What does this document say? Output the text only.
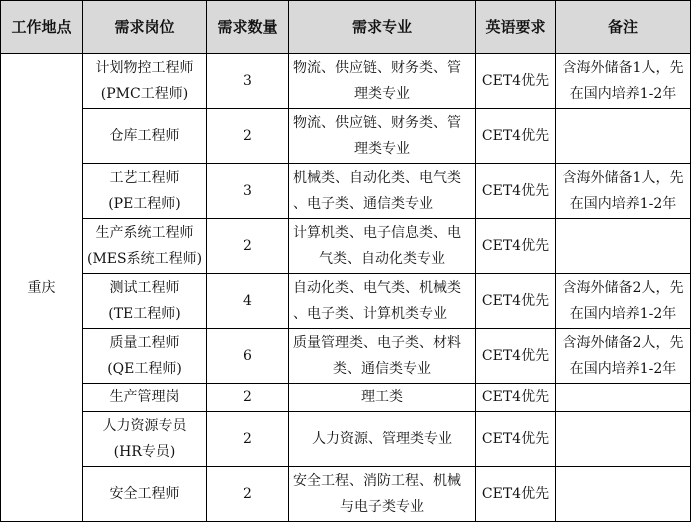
工作地点	需求岗位	需求数量	需求专业	英语要求	备注
重庆	计划物控工程师
(PMC工程师)	3	物流、供应链、财务类、管
理类专业	CET4优先	含海外储备1人，先
在国内培养1-2年

	仓库工程师	2	物流、供应链、财务类、管
理类专业	CET4优先	

	工艺工程师
(PE工程师)	3	机械类、自动化类、电气类
、电子类、通信类专业	CET4优先	含海外储备1人，先
在国内培养1-2年

	生产系统工程师
(MES系统工程师)	2	计算机类、电子信息类、电
气类、自动化类专业	CET4优先	

	测试工程师
(TE工程师)	4	自动化类、电气类、机械类
、电子类、计算机类专业	CET4优先	含海外储备2人，先
在国内培养1-2年

	质量工程师
(QE工程师)	6	质量管理类、电子类、材料
类、通信类专业	CET4优先	含海外储备2人，先
在国内培养1-2年

	生产管理岗	2	理工类	CET4优先	

	人力资源专员
(HR专员)	2	人力资源、管理类专业	CET4优先	

	安全工程师	2	安全工程、消防工程、机械
与电子类专业	CET4优先	
